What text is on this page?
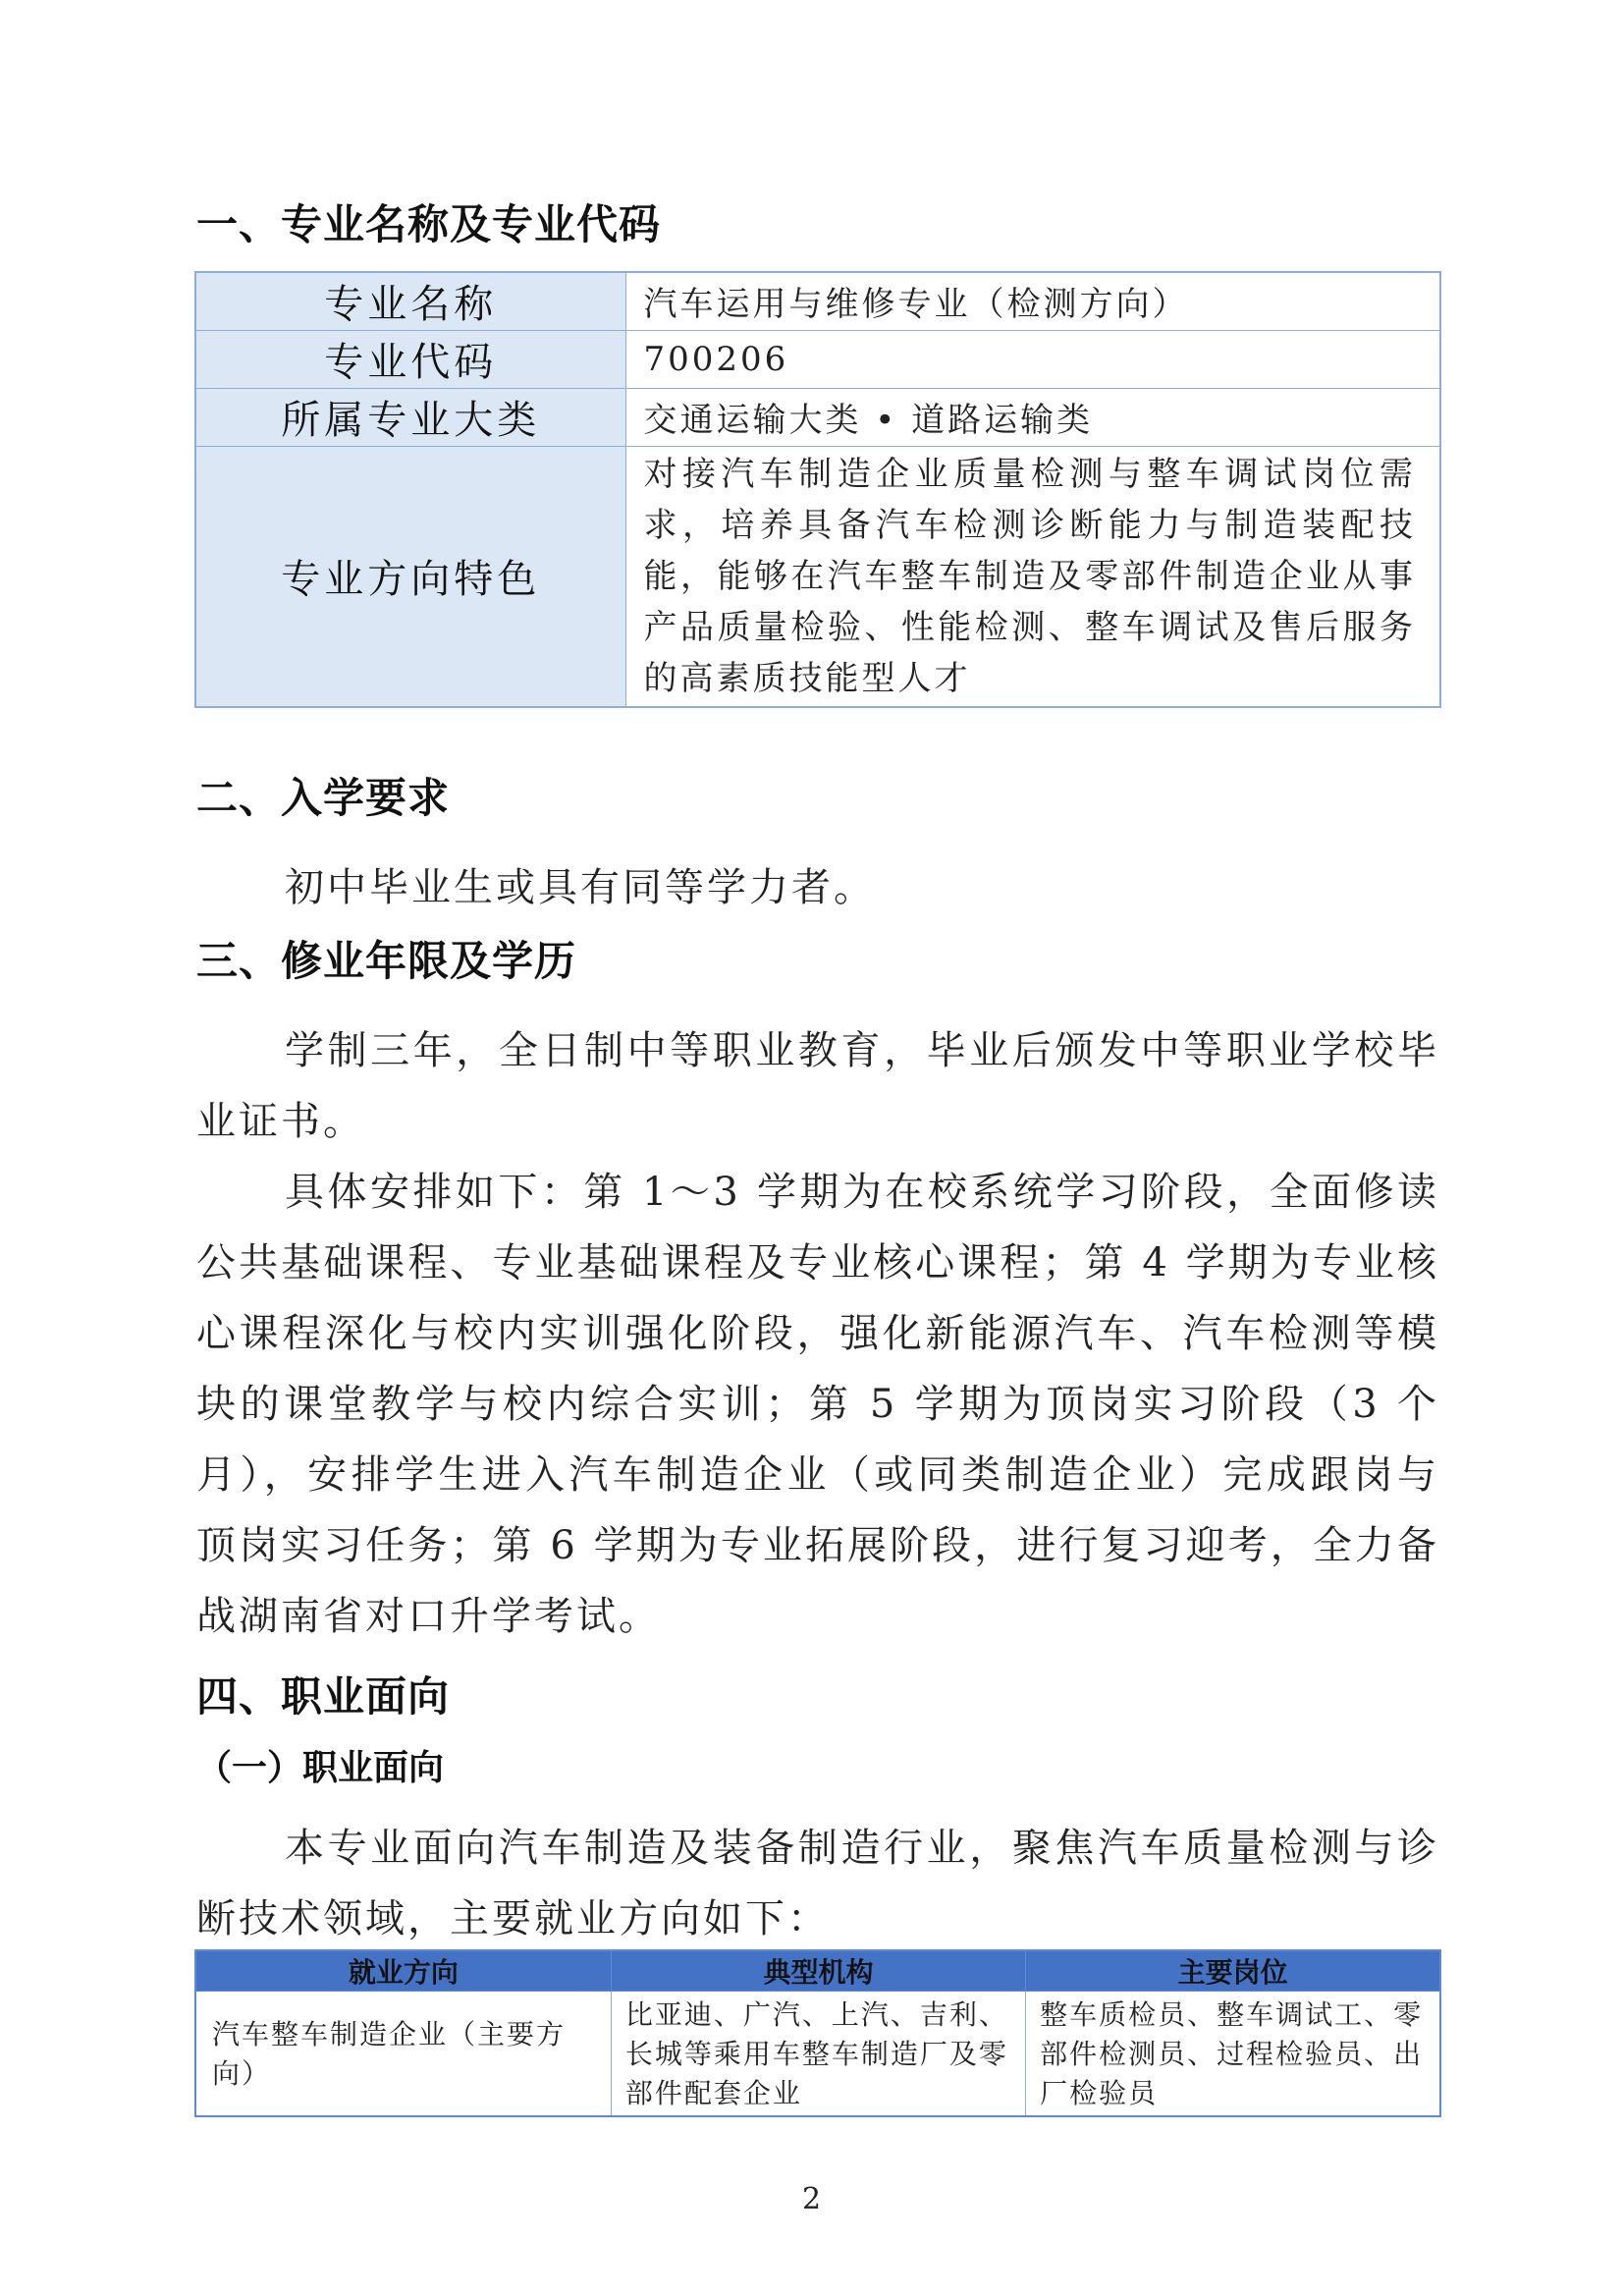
一、专业名称及专业代码
专业名称	汽车运用与维修专业（检测方向）
专业代码	700206
所属专业大类	交通运输大类 • 道路运输类
专业方向特色	对接汽车制造企业质量检测与整车调试岗位需求，培养具备汽车检测诊断能力与制造装配技能，能够在汽车整车制造及零部件制造企业从事产品质量检验、性能检测、整车调试及售后服务的高素质技能型人才
二、入学要求
初中毕业生或具有同等学力者。
三、修业年限及学历
学制三年，全日制中等职业教育，毕业后颁发中等职业学校毕业证书。
具体安排如下：第 1～3 学期为在校系统学习阶段，全面修读公共基础课程、专业基础课程及专业核心课程；第 4 学期为专业核心课程深化与校内实训强化阶段，强化新能源汽车、汽车检测等模块的课堂教学与校内综合实训；第 5 学期为顶岗实习阶段（3 个月），安排学生进入汽车制造企业（或同类制造企业）完成跟岗与顶岗实习任务；第 6 学期为专业拓展阶段，进行复习迎考，全力备战湖南省对口升学考试。
四、职业面向
（一）职业面向
本专业面向汽车制造及装备制造行业，聚焦汽车质量检测与诊断技术领域，主要就业方向如下：
就业方向	典型机构	主要岗位
汽车整车制造企业（主要方向）	比亚迪、广汽、上汽、吉利、长城等乘用车整车制造厂及零部件配套企业	整车质检员、整车调试工、零部件检测员、过程检验员、出厂检验员
2
